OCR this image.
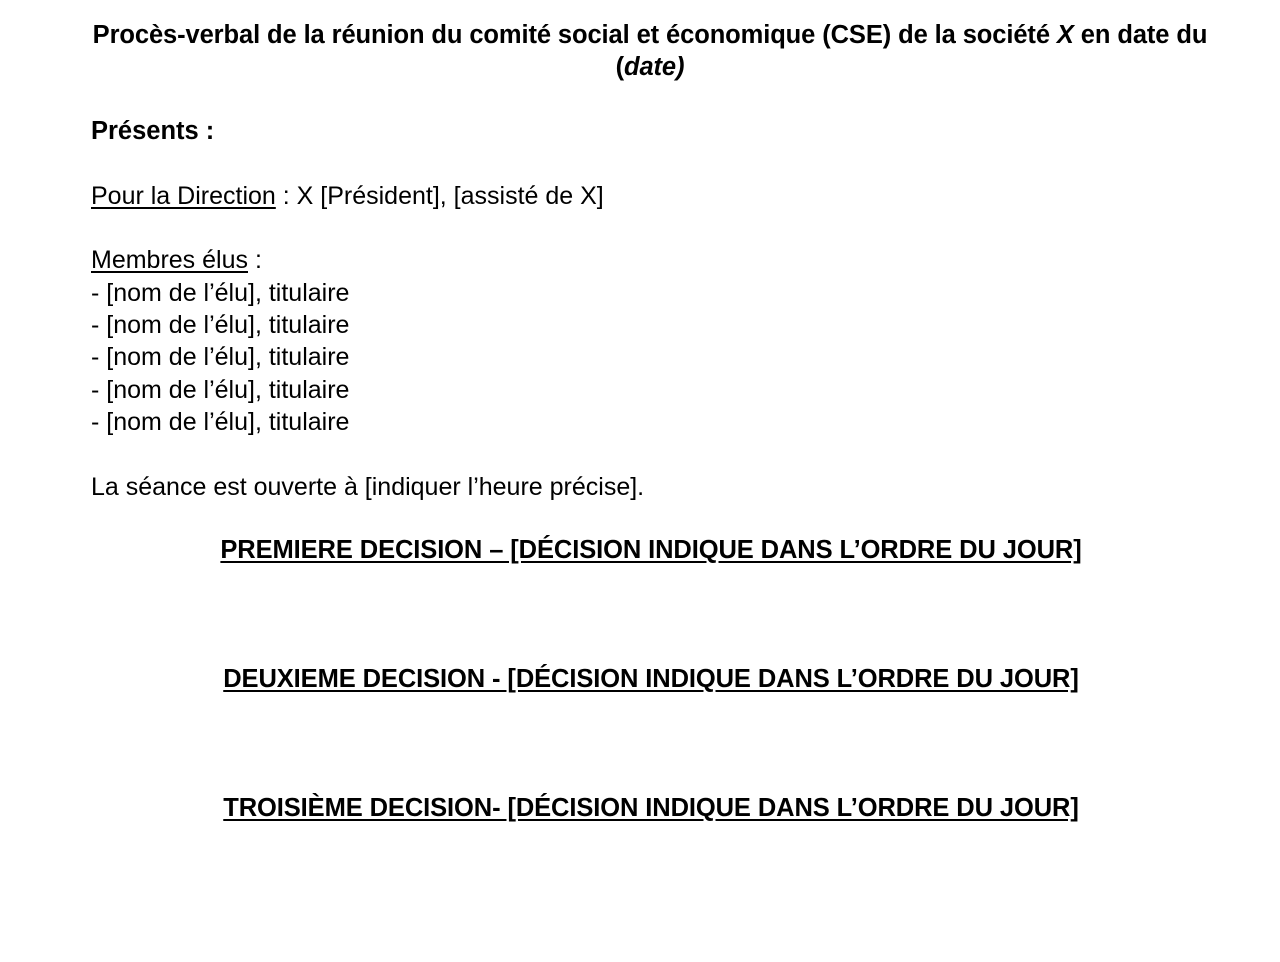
Procès-verbal de la réunion du comité social et économique (CSE) de la société X en date du (date)
Présents :
Pour la Direction : X [Président], [assisté de X]
Membres élus :
- [nom de l’élu], titulaire
- [nom de l’élu], titulaire
- [nom de l’élu], titulaire
- [nom de l’élu], titulaire
- [nom de l’élu], titulaire
La séance est ouverte à [indiquer l’heure précise].
PREMIERE DECISION – [DÉCISION INDIQUE DANS L’ORDRE DU JOUR]
DEUXIEME DECISION - [DÉCISION INDIQUE DANS L’ORDRE DU JOUR]
TROISIÈME DECISION- [DÉCISION INDIQUE DANS L’ORDRE DU JOUR]
